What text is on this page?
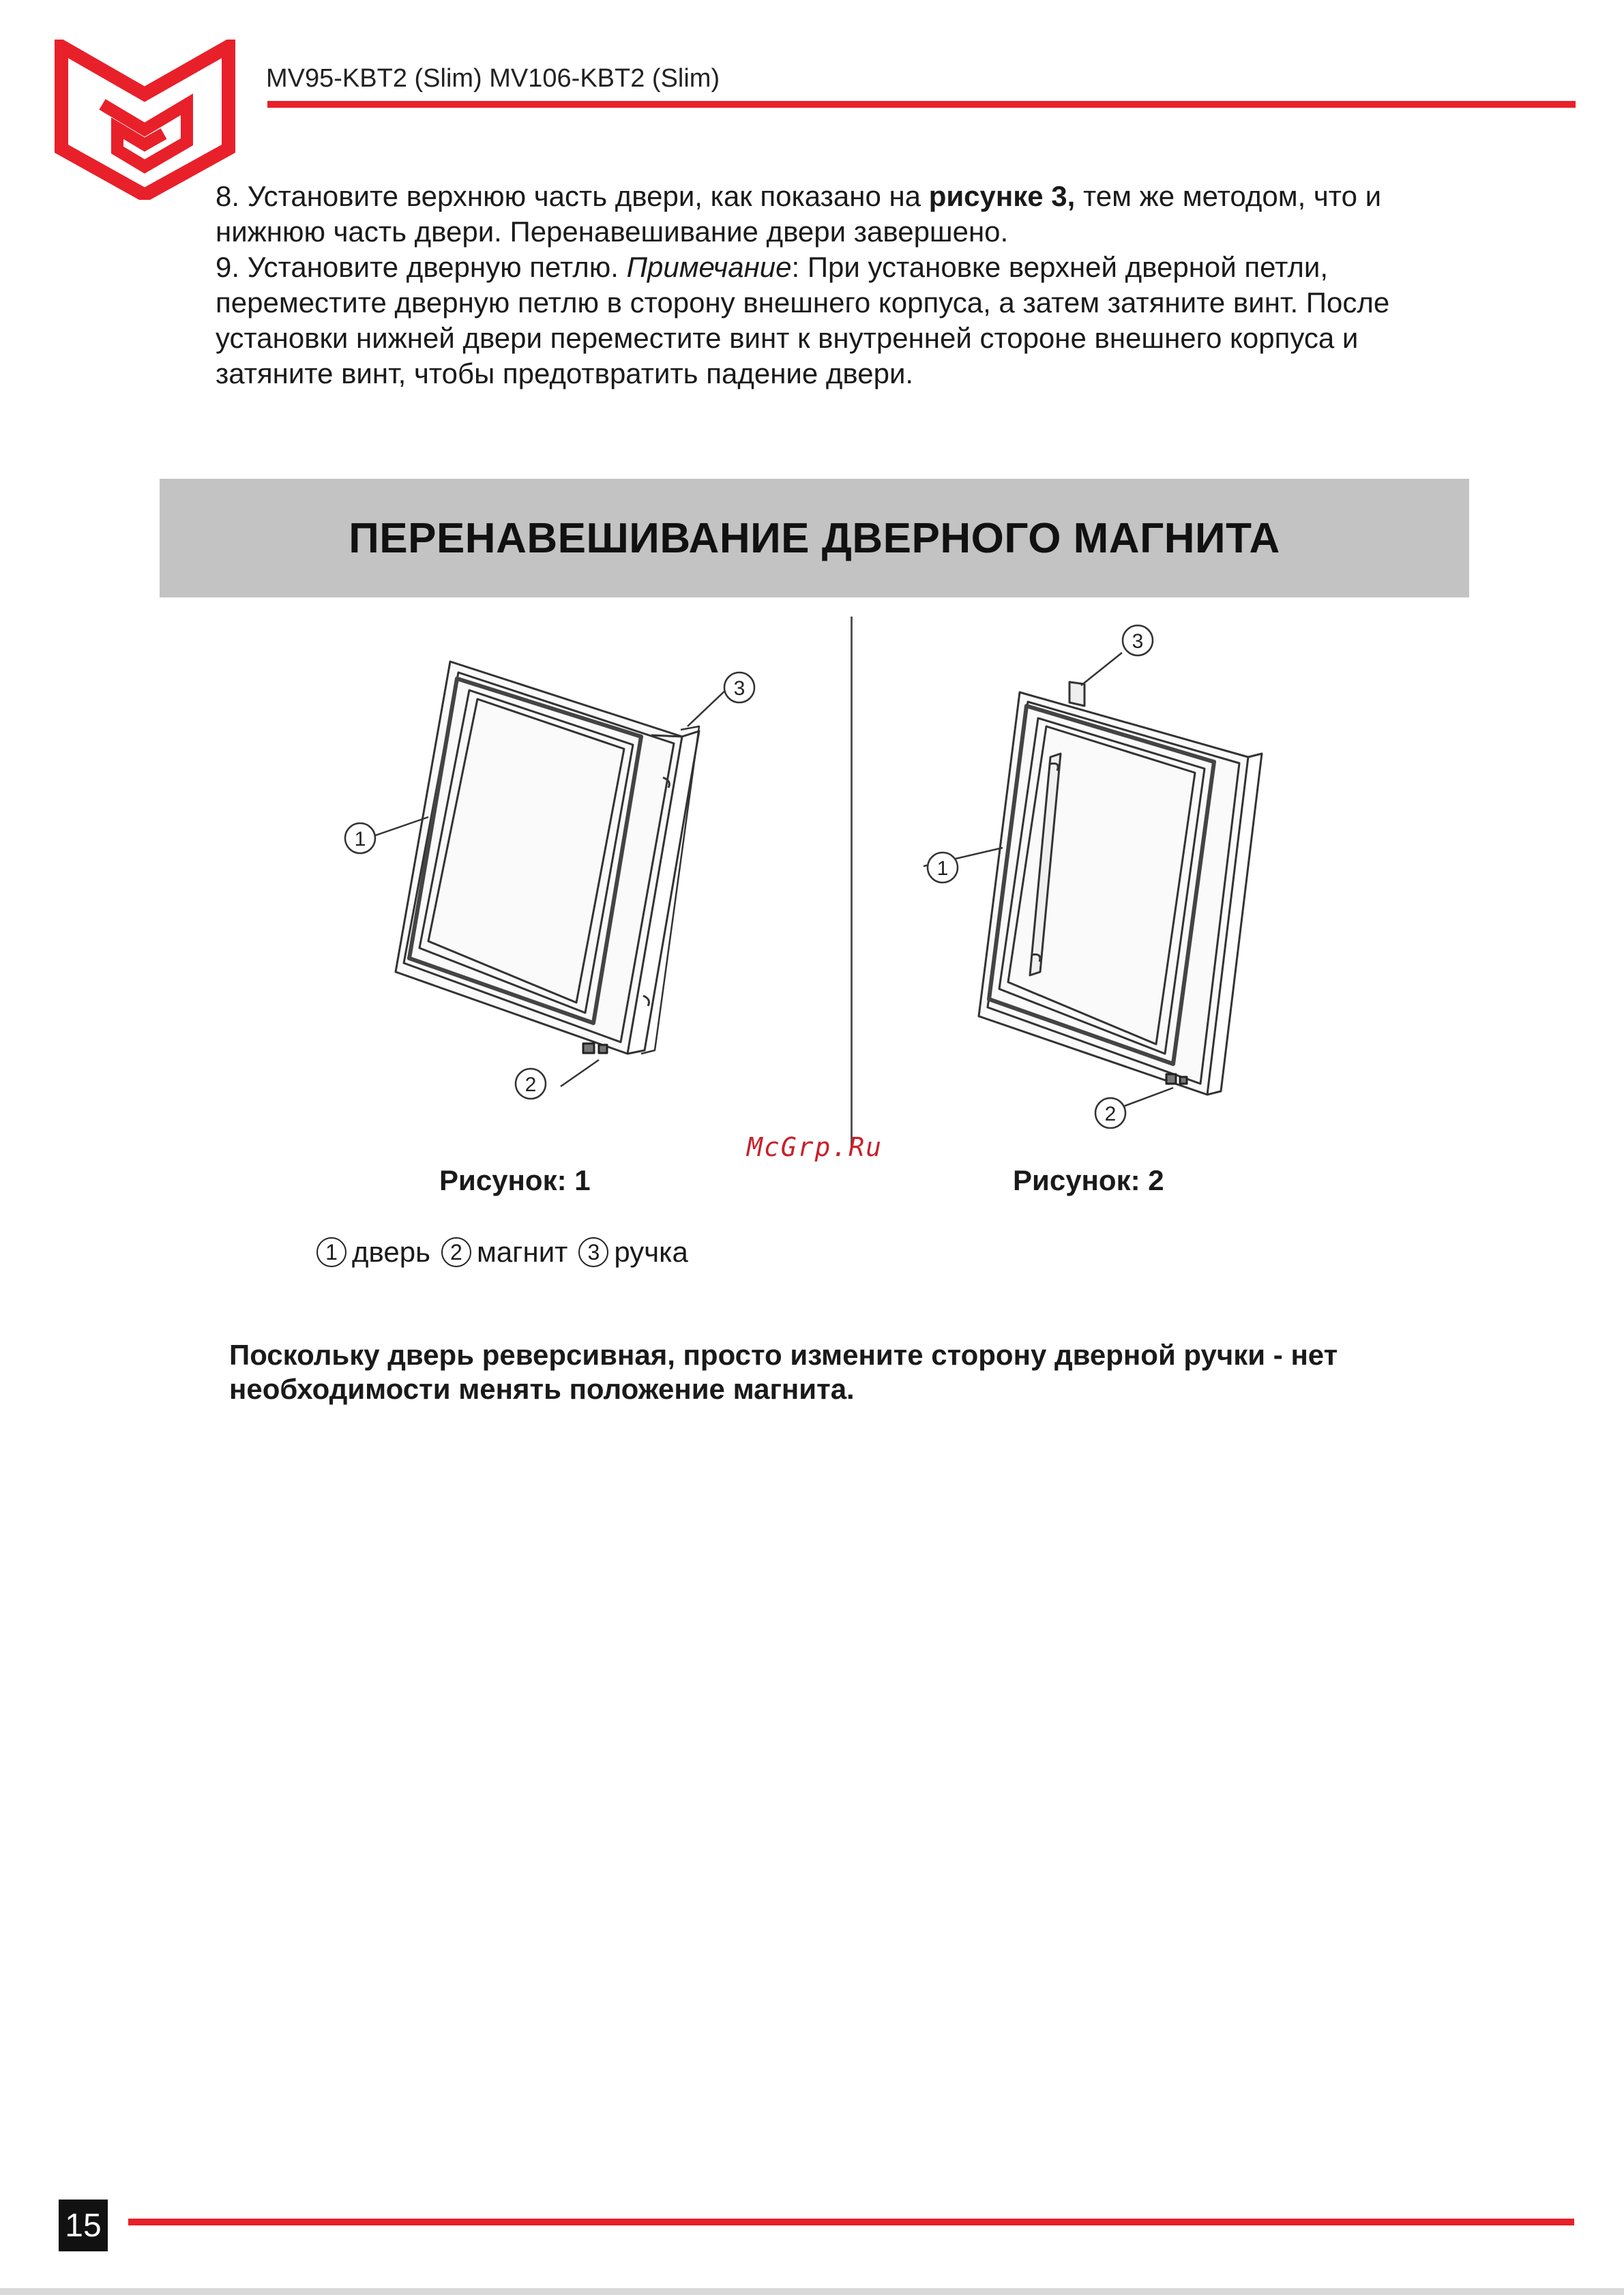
MV95-KBT2 (Slim) MV106-KBT2 (Slim)

8. Установите верхнюю часть двери, как показано на рисунке 3, тем же методом, что и нижнюю часть двери. Перенавешивание двери завершено.

9. Установите дверную петлю. Примечание: При установке верхней дверной петли, переместите дверную петлю в сторону внешнего корпуса, а затем затяните винт. После установки нижней двери переместите винт к внутренней стороне внешнего корпуса и затяните винт, чтобы предотвратить падение двери.

ПЕРЕНАВЕШИВАНИЕ ДВЕРНОГО МАГНИТА
1
2
3
1
2
3
McGrp.Ru
Рисунок: 1	Рисунок: 2
1 дверь 2 магнит 3 ручка
Поскольку дверь реверсивная, просто измените сторону дверной ручки - нет необходимости менять положение магнита.
15
